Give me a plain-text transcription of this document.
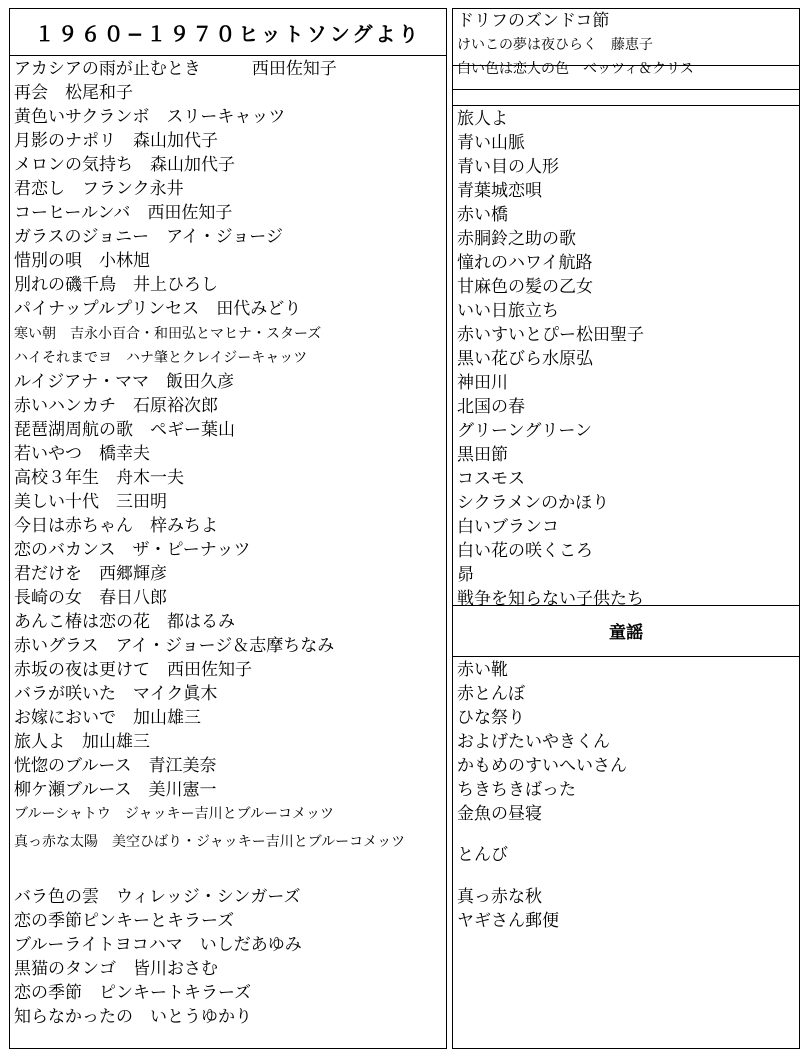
１９６０−１９７０ヒットソングより
アカシアの雨が止むとき　　　西田佐知子
再会　松尾和子
黄色いサクランボ　スリーキャッツ
月影のナポリ　森山加代子
メロンの気持ち　森山加代子
君恋し　フランク永井
コーヒールンバ　西田佐知子
ガラスのジョニー　アイ・ジョージ
惜別の唄　小林旭
別れの磯千鳥　井上ひろし
パイナップルプリンセス　田代みどり
寒い朝　吉永小百合・和田弘とマヒナ・スターズ
ハイそれまでヨ　ハナ肇とクレイジーキャッツ
ルイジアナ・ママ　飯田久彦
赤いハンカチ　石原裕次郎
琵琶湖周航の歌　ペギー葉山
若いやつ　橋幸夫
高校３年生　舟木一夫
美しい十代　三田明
今日は赤ちゃん　梓みちよ
恋のバカンス　ザ・ピーナッツ
君だけを　西郷輝彦
長崎の女　春日八郎
あんこ椿は恋の花　都はるみ
赤いグラス　アイ・ジョージ＆志摩ちなみ
赤坂の夜は更けて　西田佐知子
バラが咲いた　マイク眞木
お嫁においで　加山雄三
旅人よ　加山雄三
恍惚のブルース　青江美奈
柳ケ瀬ブルース　美川憲一
ブルーシャトウ　ジャッキー吉川とブルーコメッツ
真っ赤な太陽　美空ひばり・ジャッキー吉川とブルーコメッツ
バラ色の雲　ウィレッジ・シンガーズ
恋の季節ピンキーとキラーズ
ブルーライトヨコハマ　いしだあゆみ
黒猫のタンゴ　皆川おさむ
恋の季節　ピンキートキラーズ
知らなかったの　いとうゆかり
ドリフのズンドコ節
けいこの夢は夜ひらく　藤恵子
白い色は恋人の色　ベッツィ＆クリス
旅人よ
青い山脈
青い目の人形
青葉城恋唄
赤い橋
赤胴鈴之助の歌
憧れのハワイ航路
甘麻色の髪の乙女
いい日旅立ち
赤いすいとぴー松田聖子
黒い花びら水原弘
神田川
北国の春
グリーングリーン
黒田節
コスモス
シクラメンのかほり
白いブランコ
白い花の咲くころ
昴
戦争を知らない子供たち
童謡
赤い靴
赤とんぼ
ひな祭り
およげたいやきくん
かもめのすいへいさん
ちきちきばった
金魚の昼寝
とんび
真っ赤な秋
ヤギさん郵便
